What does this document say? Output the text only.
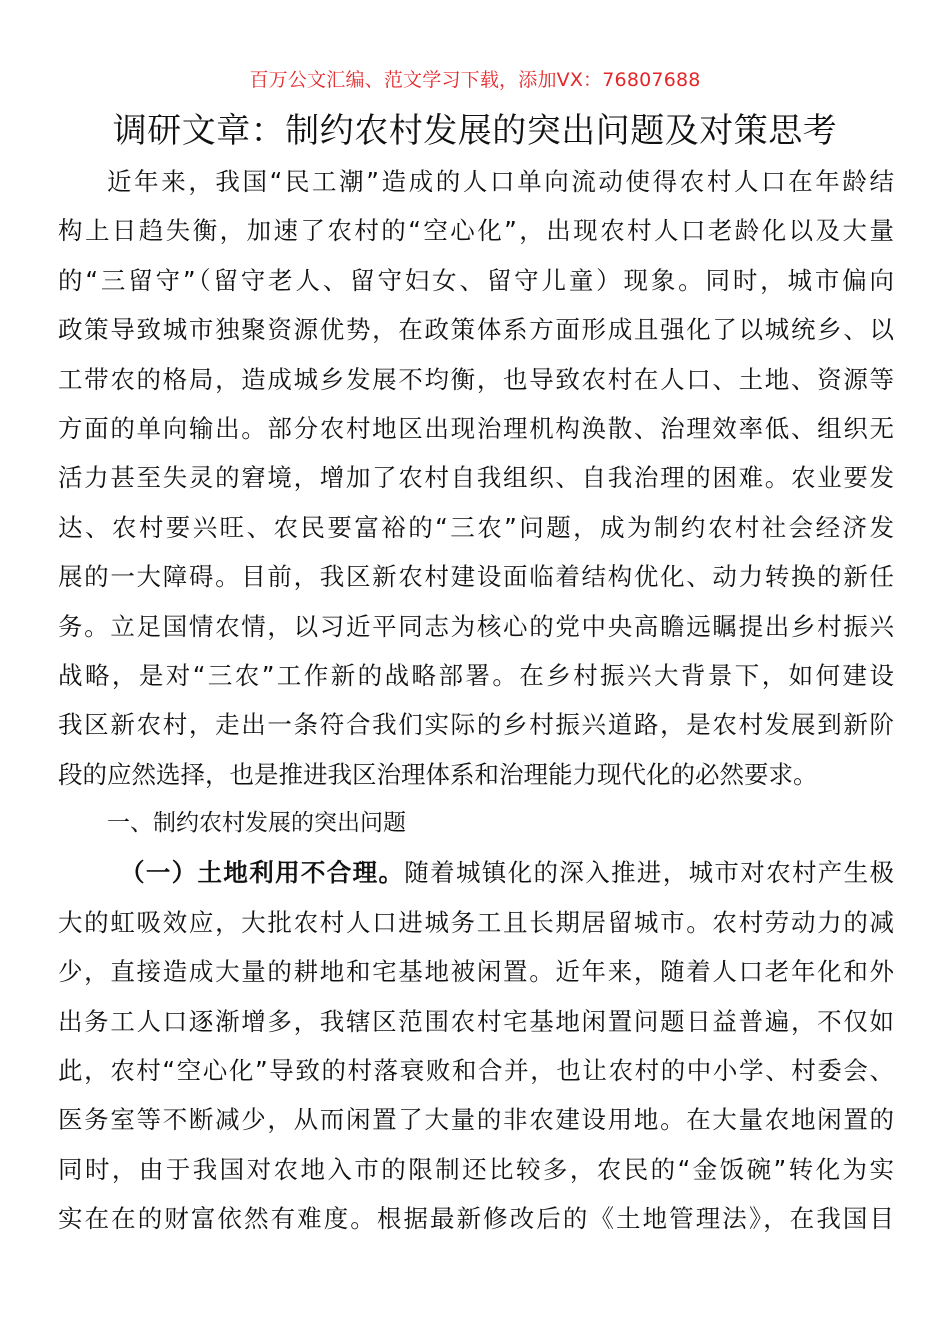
百万公文汇编、范文学习下载，添加VX：76807688
调研文章：制约农村发展的突出问题及对策思考
近年来，我国“民工潮”造成的人口单向流动使得农村人口在年龄结
构上日趋失衡，加速了农村的“空心化”，出现农村人口老龄化以及大量
的“三留守”（留守老人、留守妇女、留守儿童）现象。同时，城市偏向
政策导致城市独聚资源优势，在政策体系方面形成且强化了以城统乡、以
工带农的格局，造成城乡发展不均衡，也导致农村在人口、土地、资源等
方面的单向输出。部分农村地区出现治理机构涣散、治理效率低、组织无
活力甚至失灵的窘境，增加了农村自我组织、自我治理的困难。农业要发
达、农村要兴旺、农民要富裕的“三农”问题，成为制约农村社会经济发
展的一大障碍。目前，我区新农村建设面临着结构优化、动力转换的新任
务。立足国情农情，以习近平同志为核心的党中央高瞻远瞩提出乡村振兴
战略，是对“三农”工作新的战略部署。在乡村振兴大背景下，如何建设
我区新农村，走出一条符合我们实际的乡村振兴道路，是农村发展到新阶
段的应然选择，也是推进我区治理体系和治理能力现代化的必然要求。
一、制约农村发展的突出问题
（一）土地利用不合理。随着城镇化的深入推进，城市对农村产生极
大的虹吸效应，大批农村人口进城务工且长期居留城市。农村劳动力的减
少，直接造成大量的耕地和宅基地被闲置。近年来，随着人口老年化和外
出务工人口逐渐增多，我辖区范围农村宅基地闲置问题日益普遍，不仅如
此，农村“空心化”导致的村落衰败和合并，也让农村的中小学、村委会、
医务室等不断减少，从而闲置了大量的非农建设用地。在大量农地闲置的
同时，由于我国对农地入市的限制还比较多，农民的“金饭碗”转化为实
实在在的财富依然有难度。根据最新修改后的《土地管理法》，在我国目
